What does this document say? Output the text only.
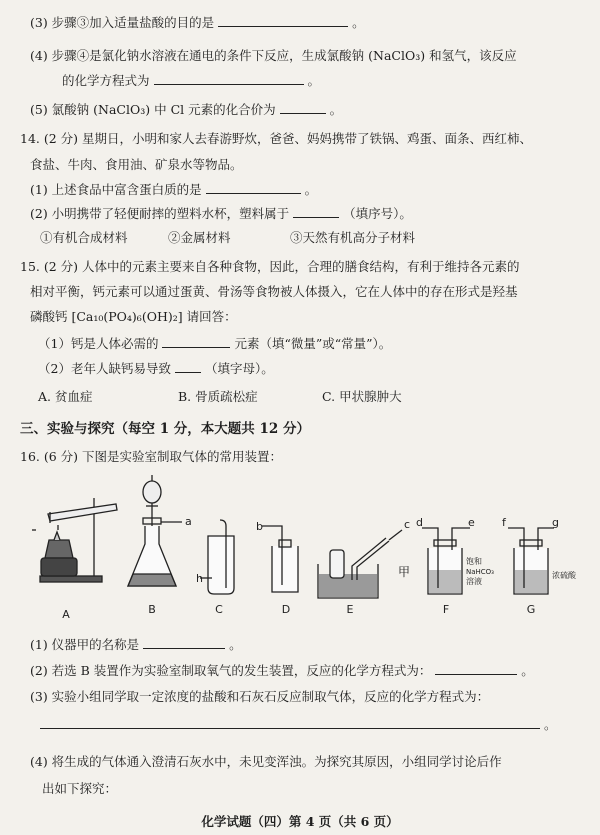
(3) 步骤③加入适量盐酸的目的是	。
(4) 步骤④是氯化钠水溶液在通电的条件下反应，生成氯酸钠 (NaClO₃) 和氢气，该反应
的化学方程式为	。
(5) 氯酸钠 (NaClO₃) 中 Cl 元素的化合价为	。
14. (2 分) 星期日，小明和家人去春游野炊，爸爸、妈妈携带了铁锅、鸡蛋、面条、西红柿、
食盐、牛肉、食用油、矿泉水等物品。
(1) 上述食品中富含蛋白质的是	。
(2) 小明携带了轻便耐摔的塑料水杯，塑料属于	（填序号）。
①有机合成材料	②金属材料	③天然有机高分子材料
15. (2 分) 人体中的元素主要来自各种食物，因此，合理的膳食结构，有利于维持各元素的
相对平衡，钙元素可以通过蛋黄、骨汤等食物被人体摄入，它在人体中的存在形式是羟基
磷酸钙 [Ca₁₀(PO₄)₆(OH)₂] 请回答：
（1）钙是人体必需的	元素（填“微量”或“常量”）。
（2）老年人缺钙易导致	（填字母）。
A. 贫血症	B. 骨质疏松症	C. 甲状腺肿大
三、实验与探究（每空 1 分，本大题共 12 分）
16. (6 分) 下图是实验室制取气体的常用装置：
A	B	C	D	E	F	G
a	b	c d	e f	g
h	甲
饱和
NaHCO₃
溶液
浓硫酸
(1) 仪器甲的名称是	。
(2) 若选 B 装置作为实验室制取氧气的发生装置，反应的化学方程式为：	。
(3) 实验小组同学取一定浓度的盐酸和石灰石反应制取气体，反应的化学方程式为：
。
(4) 将生成的气体通入澄清石灰水中，未见变浑浊。为探究其原因，小组同学讨论后作
出如下探究：
化学试题（四）第 4 页（共 6 页）
